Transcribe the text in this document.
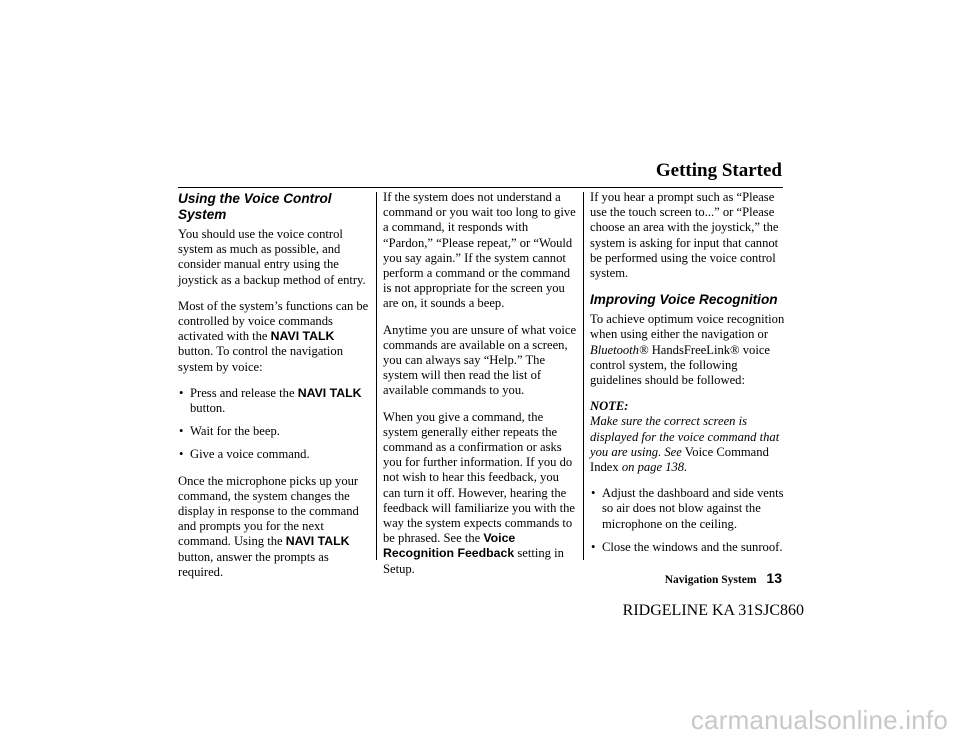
Getting Started
Using the Voice Control System

You should use the voice control system as much as possible, and consider manual entry using the joystick as a backup method of entry.

Most of the system’s functions can be controlled by voice commands activated with the NAVI TALK button. To control the navigation system by voice:

• Press and release the NAVI TALK button.
• Wait for the beep.
• Give a voice command.

Once the microphone picks up your command, the system changes the display in response to the command and prompts you for the next command. Using the NAVI TALK button, answer the prompts as required.

If the system does not understand a command or you wait too long to give a command, it responds with “Pardon,” “Please repeat,” or “Would you say again.” If the system cannot perform a command or the command is not appropriate for the screen you are on, it sounds a beep.

Anytime you are unsure of what voice commands are available on a screen, you can always say “Help.” The system will then read the list of available commands to you.

When you give a command, the system generally either repeats the command as a confirmation or asks you for further information. If you do not wish to hear this feedback, you can turn it off. However, hearing the feedback will familiarize you with the way the system expects commands to be phrased. See the Voice Recognition Feedback setting in Setup.

If you hear a prompt such as “Please use the touch screen to...” or “Please choose an area with the joystick,” the system is asking for input that cannot be performed using the voice control system.

Improving Voice Recognition

To achieve optimum voice recognition when using either the navigation or Bluetooth® HandsFreeLink® voice control system, the following guidelines should be followed:

NOTE:
Make sure the correct screen is displayed for the voice command that you are using. See Voice Command Index on page 138.

• Adjust the dashboard and side vents so air does not blow against the microphone on the ceiling.
• Close the windows and the sunroof.
Navigation System 13
RIDGELINE KA 31SJC860
carmanualsonline.info
